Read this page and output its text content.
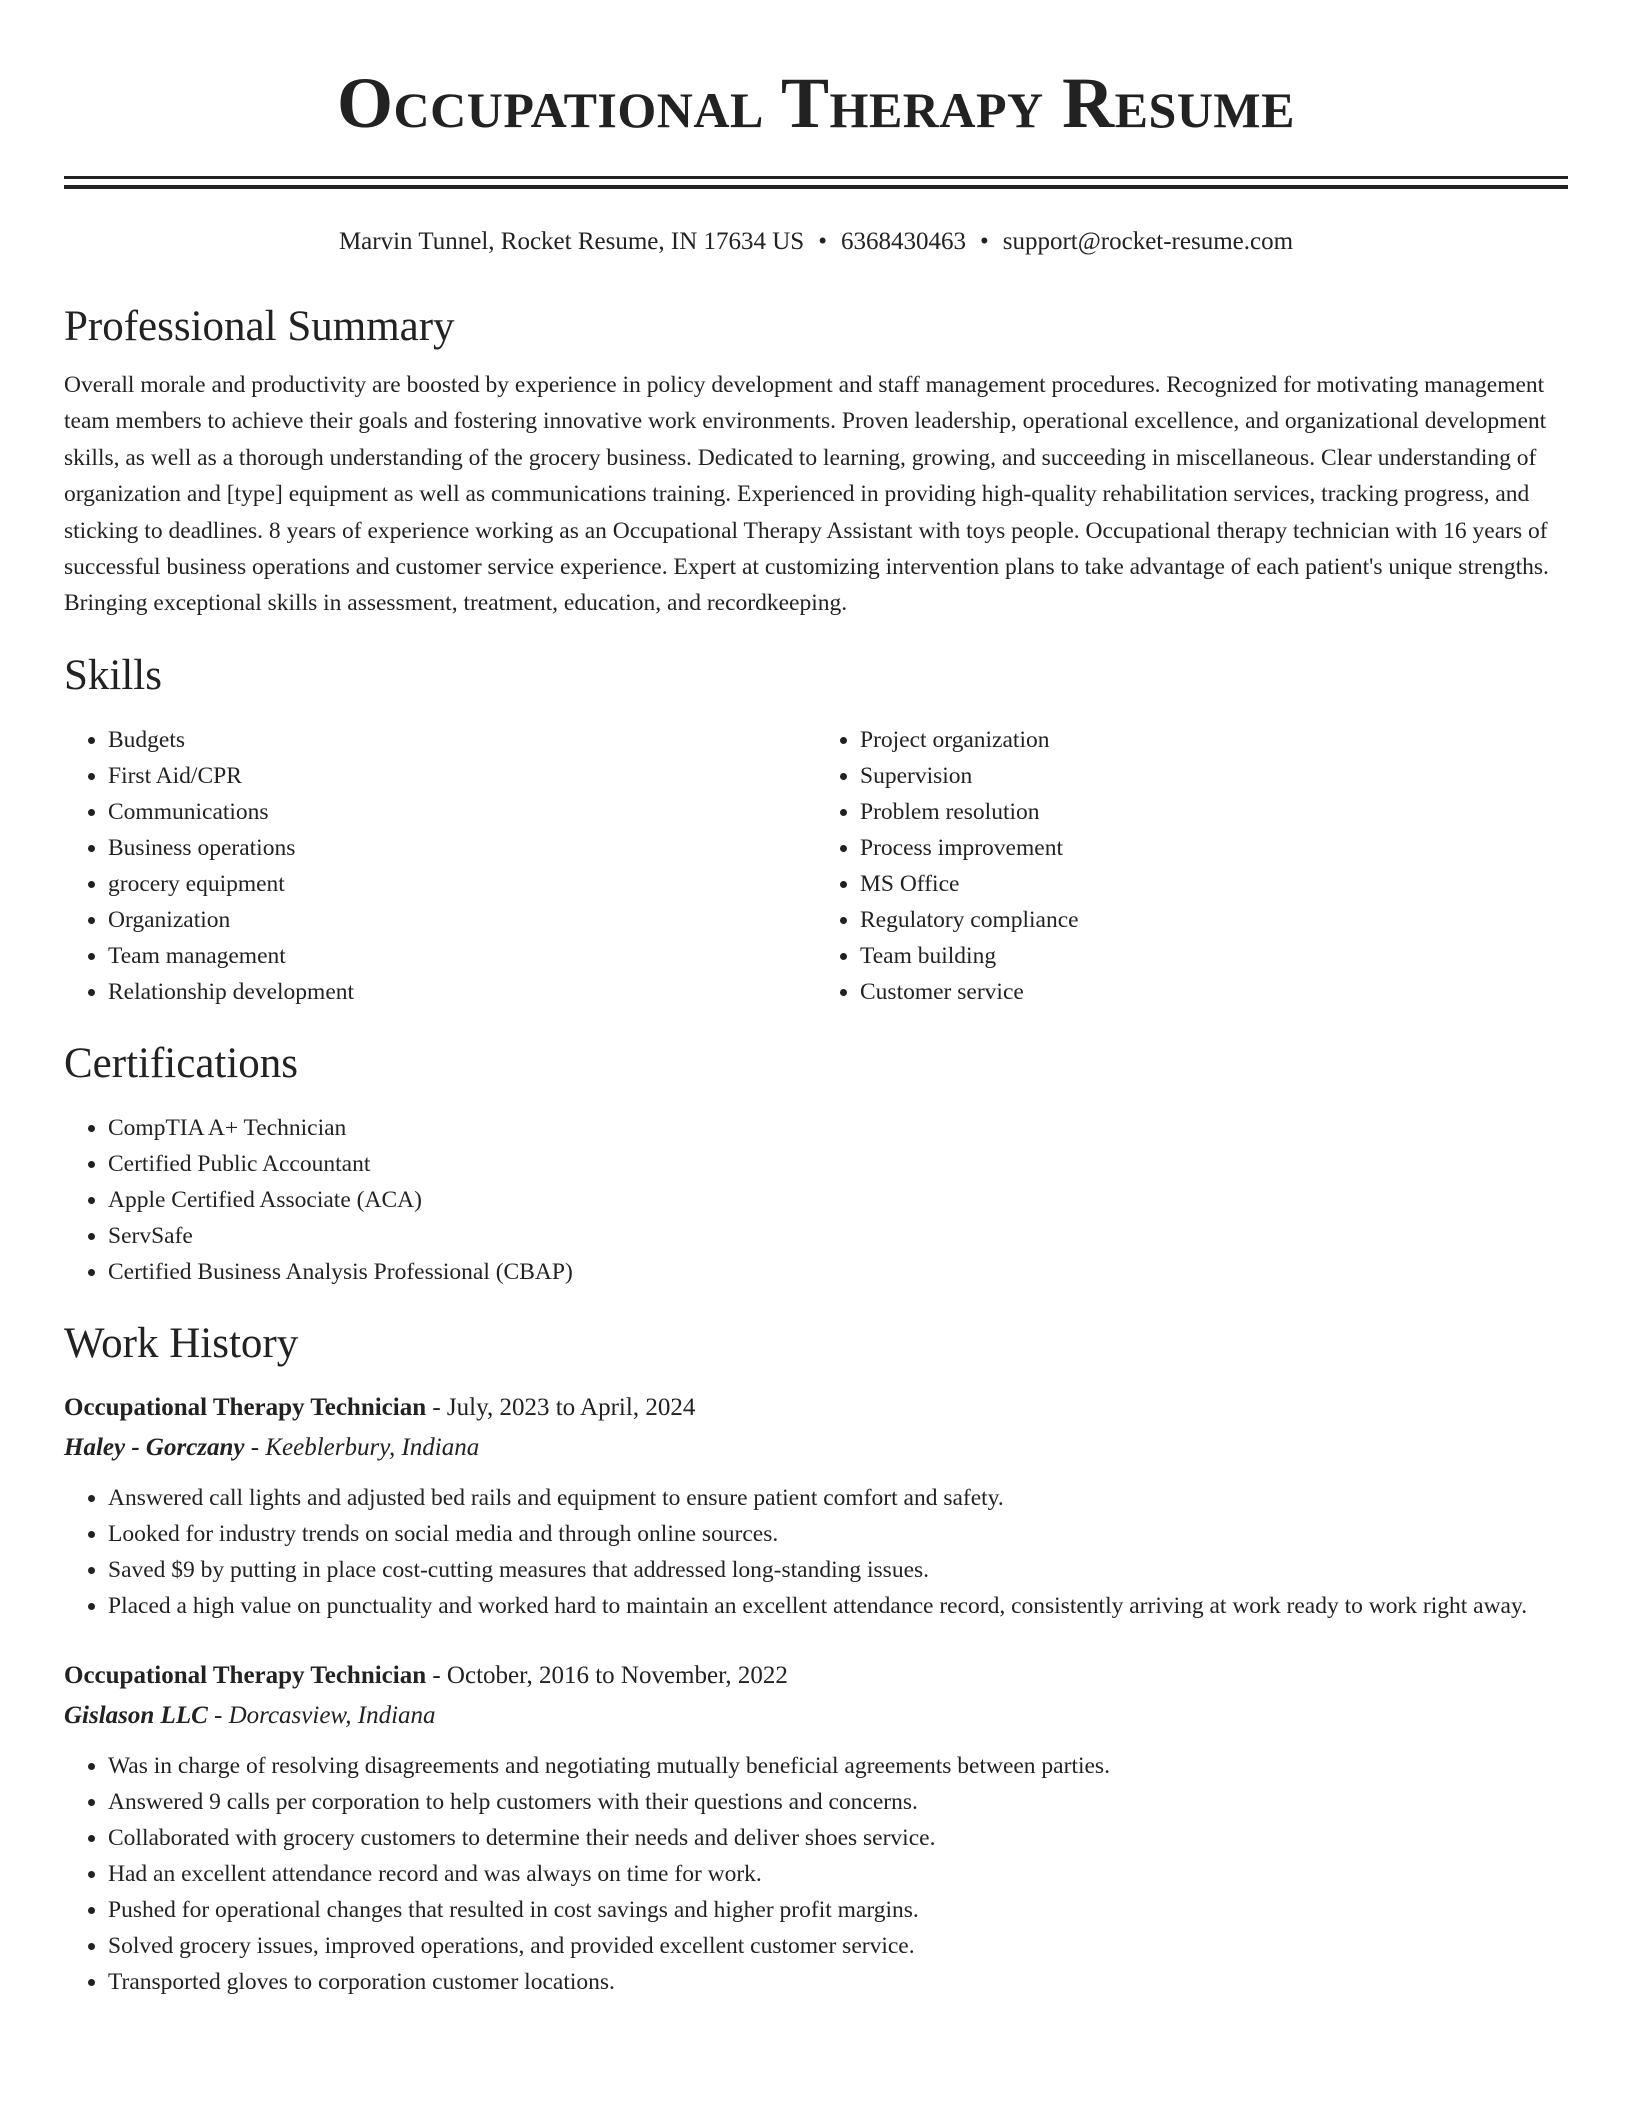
Occupational Therapy Resume
Marvin Tunnel, Rocket Resume, IN 17634 US • 6368430463 • support@rocket-resume.com
Professional Summary

Overall morale and productivity are boosted by experience in policy development and staff management procedures. Recognized for motivating management team members to achieve their goals and fostering innovative work environments. Proven leadership, operational excellence, and organizational development skills, as well as a thorough understanding of the grocery business. Dedicated to learning, growing, and succeeding in miscellaneous. Clear understanding of organization and [type] equipment as well as communications training. Experienced in providing high-quality rehabilitation services, tracking progress, and sticking to deadlines. 8 years of experience working as an Occupational Therapy Assistant with toys people. Occupational therapy technician with 16 years of successful business operations and customer service experience. Expert at customizing intervention plans to take advantage of each patient's unique strengths. Bringing exceptional skills in assessment, treatment, education, and recordkeeping.

Skills
• Budgets
• First Aid/CPR
• Communications
• Business operations
• grocery equipment
• Organization
• Team management
• Relationship development
• Project organization
• Supervision
• Problem resolution
• Process improvement
• MS Office
• Regulatory compliance
• Team building
• Customer service
Certifications
• CompTIA A+ Technician
• Certified Public Accountant
• Apple Certified Associate (ACA)
• ServSafe
• Certified Business Analysis Professional (CBAP)
Work History
Occupational Therapy Technician - July, 2023 to April, 2024
Haley - Gorczany - Keeblerbury, Indiana
• Answered call lights and adjusted bed rails and equipment to ensure patient comfort and safety.
• Looked for industry trends on social media and through online sources.
• Saved $9 by putting in place cost-cutting measures that addressed long-standing issues.
• Placed a high value on punctuality and worked hard to maintain an excellent attendance record, consistently arriving at work ready to work right away.
Occupational Therapy Technician - October, 2016 to November, 2022
Gislason LLC - Dorcasview, Indiana
• Was in charge of resolving disagreements and negotiating mutually beneficial agreements between parties.
• Answered 9 calls per corporation to help customers with their questions and concerns.
• Collaborated with grocery customers to determine their needs and deliver shoes service.
• Had an excellent attendance record and was always on time for work.
• Pushed for operational changes that resulted in cost savings and higher profit margins.
• Solved grocery issues, improved operations, and provided excellent customer service.
• Transported gloves to corporation customer locations.
